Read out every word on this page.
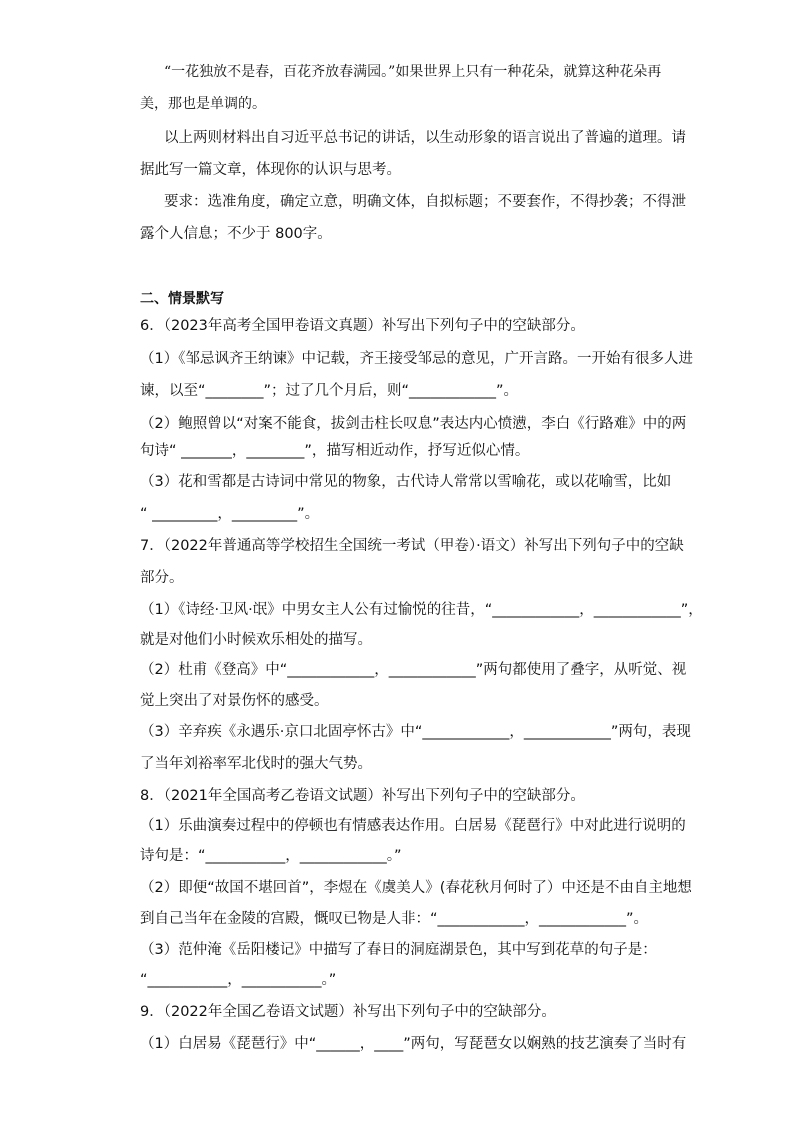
“一花独放不是春，百花齐放春满园。”如果世界上只有一种花朵，就算这种花朵再
美，那也是单调的。
以上两则材料出自习近平总书记的讲话，以生动形象的语言说出了普遍的道理。请
据此写一篇文章，体现你的认识与思考。
要求：选准角度，确定立意，明确文体，自拟标题；不要套作，不得抄袭；不得泄
露个人信息；不少于 800字。
二、情景默写
6．（2023年高考全国甲卷语文真题）补写出下列句子中的空缺部分。
（1）《邹忌讽齐王纳谏》中记载，齐王接受邹忌的意见，广开言路。一开始有很多人进
谏，以至“________”；过了几个月后，则“____________”。
（2）鲍照曾以“对案不能食，拔剑击柱长叹息”表达内心愤懑，李白《行路难》中的两
句诗“ _______，________”，描写相近动作，抒写近似心情。
（3）花和雪都是古诗词中常见的物象，古代诗人常常以雪喻花，或以花喻雪，比如
“ _________，_________”。
7．（2022年普通高等学校招生全国统一考试（甲卷）·语文）补写出下列句子中的空缺
部分。
（1）《诗经·卫风·氓》中男女主人公有过愉悦的往昔，“____________，____________”，
就是对他们小时候欢乐相处的描写。
（2）杜甫《登高》中“____________，____________”两句都使用了叠字，从听觉、视
觉上突出了对景伤怀的感受。
（3）辛弃疾《永遇乐·京口北固亭怀古》中“____________，____________”两句，表现
了当年刘裕率军北伐时的强大气势。
8．（2021年全国高考乙卷语文试题）补写出下列句子中的空缺部分。
（1）乐曲演奏过程中的停顿也有情感表达作用。白居易《琵琶行》中对此进行说明的
诗句是：“___________，____________。”
（2）即便“故国不堪回首”，李煜在《虞美人》(春花秋月何时了）中还是不由自主地想
到自己当年在金陵的宫殿，慨叹已物是人非：“____________，____________”。
（3）范仲淹《岳阳楼记》中描写了春日的洞庭湖景色，其中写到花草的句子是：
“___________，___________。”
9．（2022年全国乙卷语文试题）补写出下列句子中的空缺部分。
（1）白居易《琵琶行》中“______，____”两句，写琵琶女以娴熟的技艺演奏了当时有
